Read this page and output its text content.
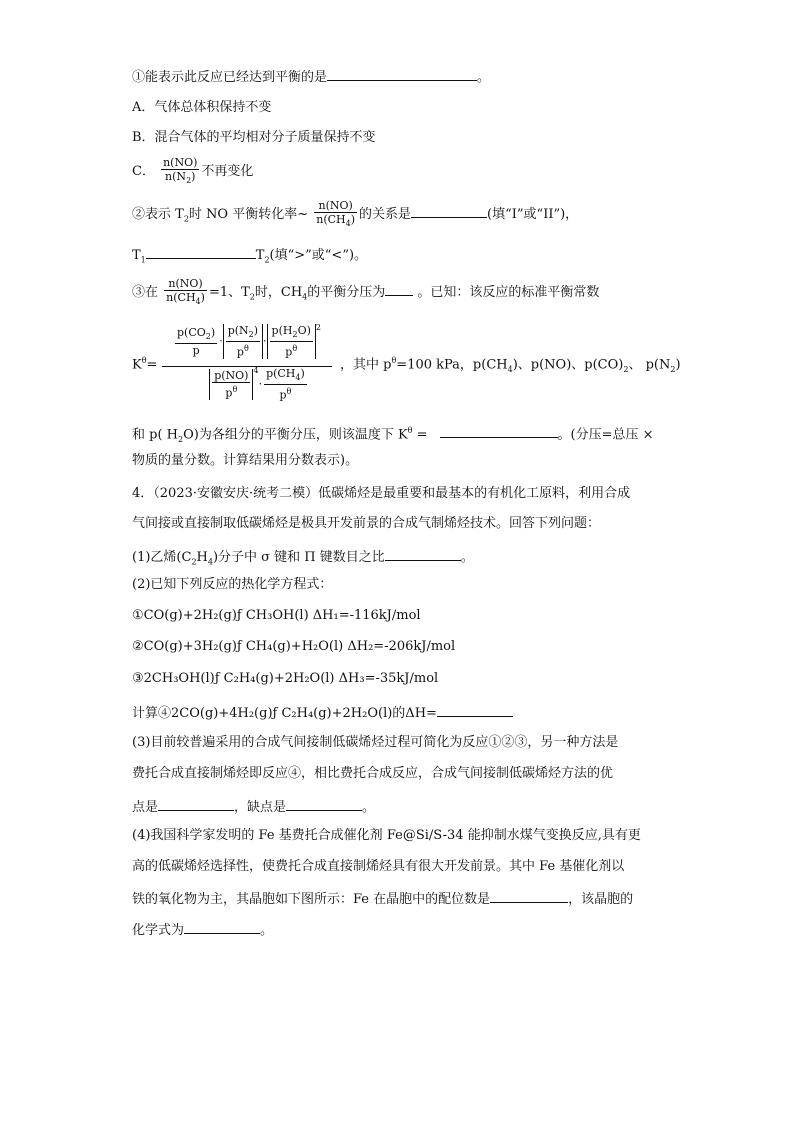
①能表示此反应已经达到平衡的是	。
A．气体总体积保持不变
B．混合气体的平均相对分子质量保持不变
C． $\frac{n(NO)}{n(N_2)}$ 不再变化
②表示 $T_2$时 NO 平衡转化率~ $\frac{n(NO)}{n(CH_4)}$ 的关系是	(填“I”或“II”)，
$T_1$	$T_2$(填“>”或“<”)。
③在 $\frac{n(NO)}{n(CH_4)} =1$、$T_2$时，$CH_4$的平衡分压为 。已知：该反应的标准平衡常数
$K^\theta=$
$\frac{p(CO_2)}{p} \cdot \frac{p(N_2)}{p^\theta} \cdot \frac{p(H_2O)}{p^\theta} ^2$
$\frac{p(NO)}{p^\theta} ^4\cdot \frac{p(CH_4)}{p^\theta}$
，其中 $p^\theta=100$ kPa，$p(CH_4)$、p(NO)、$p(CO)_2$、 $p(N_2)$
和 p( $H_2O$)为各组分的平衡分压，则该温度下 $K^\theta$ =	。(分压=总压 ×
物质的量分数。计算结果用分数表示)。
4．（2023·安徽安庆·统考二模）低碳烯烃是最重要和最基本的有机化工原料，利用合成
气间接或直接制取低碳烯烃是极具开发前景的合成气制烯烃技术。回答下列问题：
(1)乙烯$(C_2H_4)$分子中 σ 键和 Π 键数目之比	。
(2)已知下列反应的热化学方程式：
①CO(g)+2H₂(g)ƒ CH₃OH(l) ΔH₁=-116kJ/mol
②CO(g)+3H₂(g)ƒ CH₄(g)+H₂O(l) ΔH₂=-206kJ/mol
③2CH₃OH(l)ƒ C₂H₄(g)+2H₂O(l) ΔH₃=-35kJ/mol
计算④2CO(g)+4H₂(g)ƒ C₂H₄(g)+2H₂O(l)的ΔH=
(3)目前较普遍采用的合成气间接制低碳烯烃过程可简化为反应①②③，另一种方法是
费托合成直接制烯烃即反应④，相比费托合成反应，合成气间接制低碳烯烃方法的优
点是	，缺点是	。
(4)我国科学家发明的 Fe 基费托合成催化剂 Fe@Si/S-34 能抑制水煤气变换反应,具有更
高的低碳烯烃选择性，使费托合成直接制烯烃具有很大开发前景。其中 Fe 基催化剂以
铁的氧化物为主，其晶胞如下图所示：Fe 在晶胞中的配位数是	，该晶胞的
化学式为	。
